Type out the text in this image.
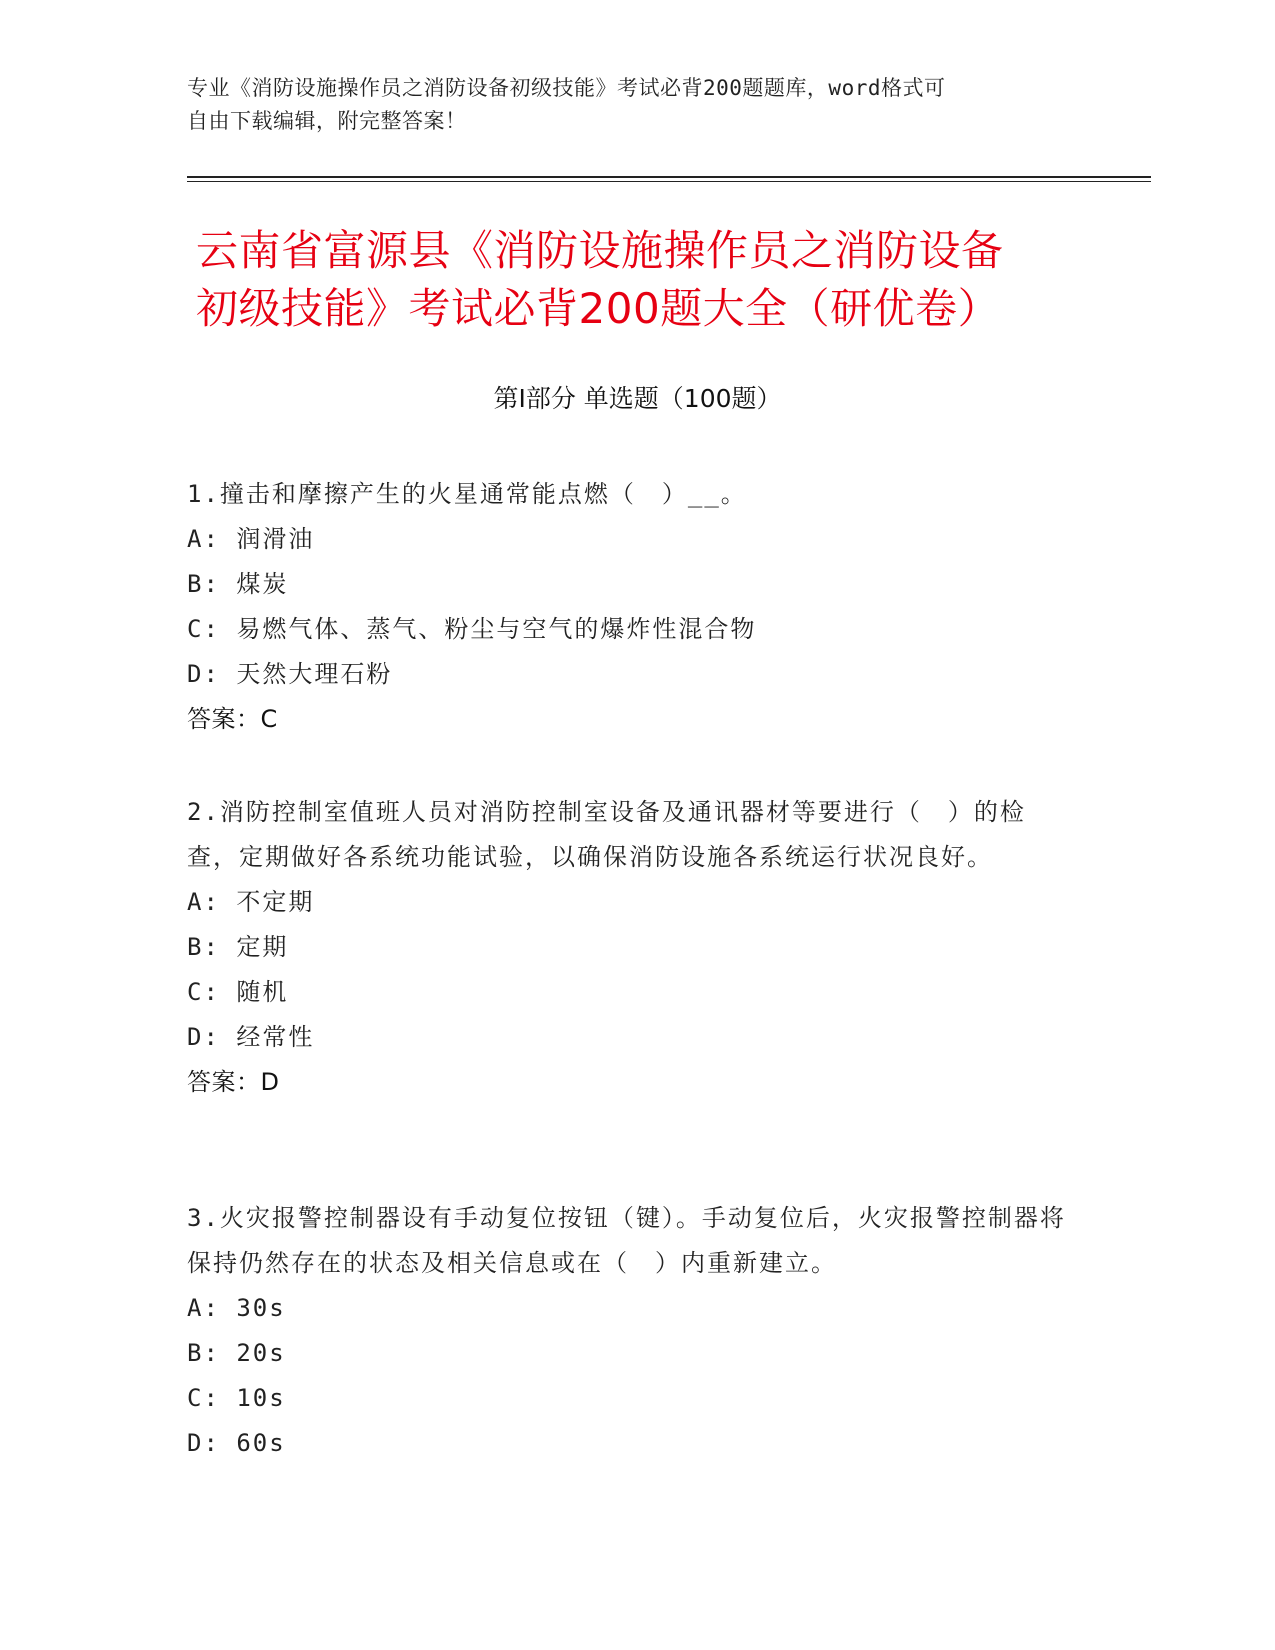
专业《消防设施操作员之消防设备初级技能》考试必背200题题库，word格式可
自由下载编辑，附完整答案！
云南省富源县《消防设施操作员之消防设备
初级技能》考试必背200题大全（研优卷）
第Ⅰ部分 单选题（100题）

1.撞击和摩擦产生的火星通常能点燃（　）__。

A: 润滑油

B: 煤炭

C: 易燃气体、蒸气、粉尘与空气的爆炸性混合物

D: 天然大理石粉

答案：C

2.消防控制室值班人员对消防控制室设备及通讯器材等要进行（　）的检查，定期做好各系统功能试验，以确保消防设施各系统运行状况良好。

A: 不定期

B: 定期

C: 随机

D: 经常性

答案：D

3.火灾报警控制器设有手动复位按钮（键）。手动复位后，火灾报警控制器将保持仍然存在的状态及相关信息或在（　）内重新建立。

A: 30s

B: 20s

C: 10s

D: 60s
